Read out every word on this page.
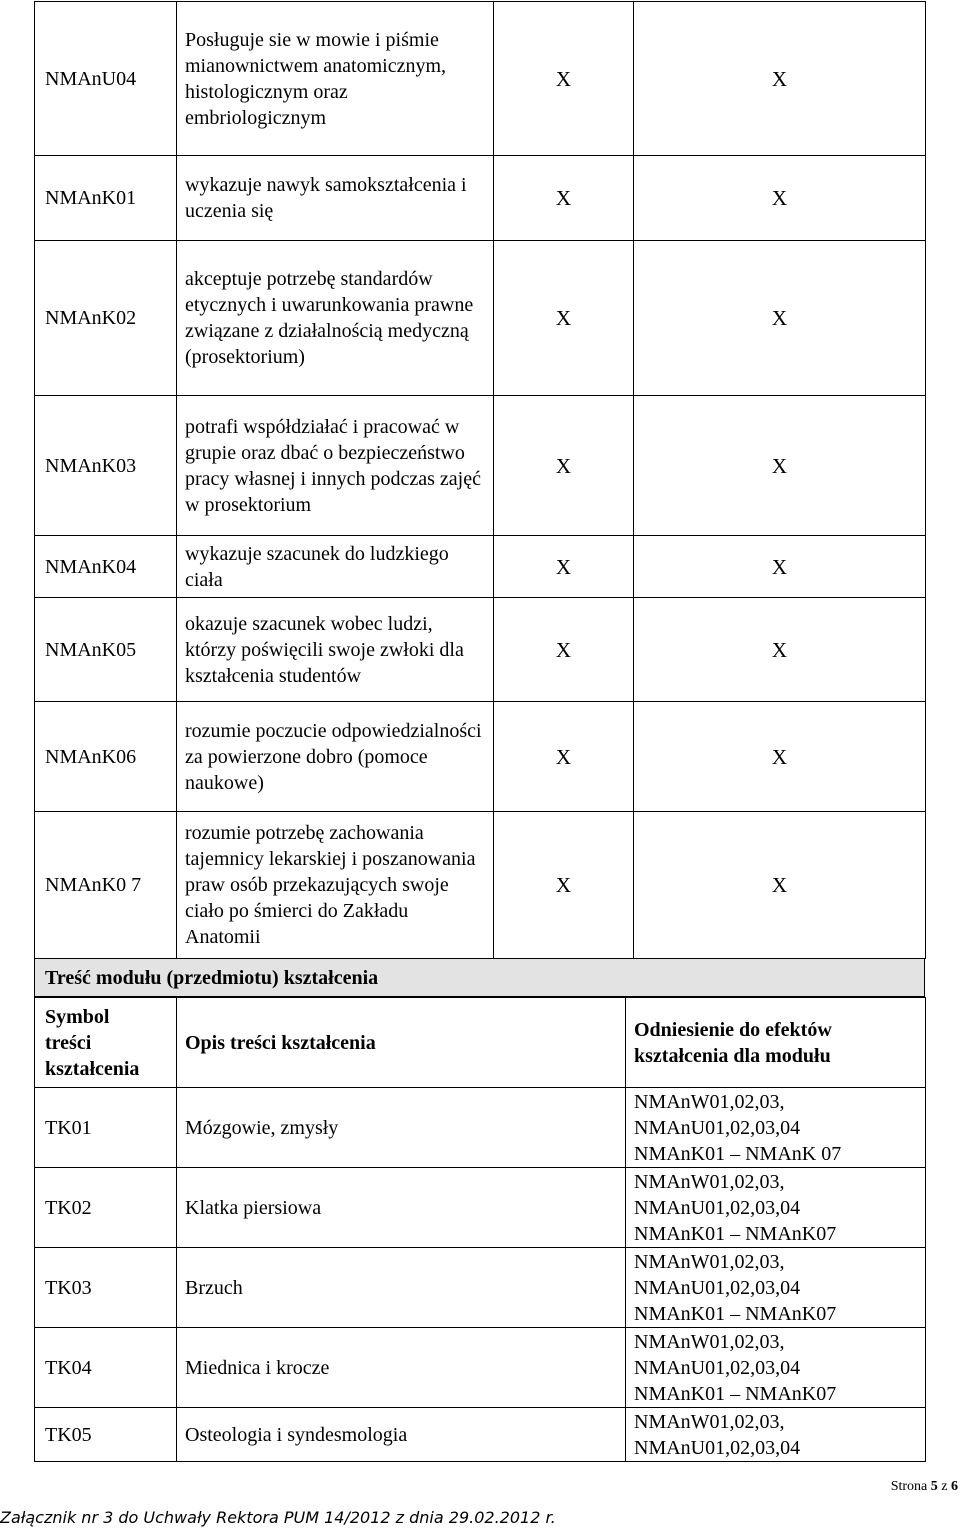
NMAnU04	Posługuje sie w mowie i piśmie mianownictwem anatomicznym, histologicznym oraz embriologicznym	X	X
NMAnK01	wykazuje nawyk samokształcenia i uczenia się	X	X
NMAnK02	akceptuje potrzebę standardów etycznych i uwarunkowania prawne związane z działalnością medyczną (prosektorium)	X	X
NMAnK03	potrafi współdziałać i pracować w grupie oraz dbać o bezpieczeństwo pracy własnej i innych podczas zajęć w prosektorium	X	X
NMAnK04	wykazuje szacunek do ludzkiego ciała	X	X
NMAnK05	okazuje szacunek wobec ludzi, którzy poświęcili swoje zwłoki dla kształcenia studentów	X	X
NMAnK06	rozumie poczucie odpowiedzialności za powierzone dobro (pomoce naukowe)	X	X
NMAnK0 7	rozumie potrzebę zachowania tajemnicy lekarskiej i poszanowania praw osób przekazujących swoje ciało po śmierci do Zakładu Anatomii	X	X
Treść modułu (przedmiotu) kształcenia
Symbol treści kształcenia	Opis treści kształcenia	Odniesienie do efektów kształcenia dla modułu

TK01	Mózgowie, zmysły	NMAnW01,02,03,
NMAnU01,02,03,04
NMAnK01 – NMAnK 07

TK02	Klatka piersiowa	NMAnW01,02,03,
NMAnU01,02,03,04
NMAnK01 – NMAnK07

TK03	Brzuch	NMAnW01,02,03,
NMAnU01,02,03,04
NMAnK01 – NMAnK07

TK04	Miednica i krocze	NMAnW01,02,03,
NMAnU01,02,03,04
NMAnK01 – NMAnK07

TK05	Osteologia i syndesmologia	NMAnW01,02,03,
NMAnU01,02,03,04
Strona 5 z 6
Załącznik nr 3 do Uchwały Rektora PUM 14/2012 z dnia 29.02.2012 r.
